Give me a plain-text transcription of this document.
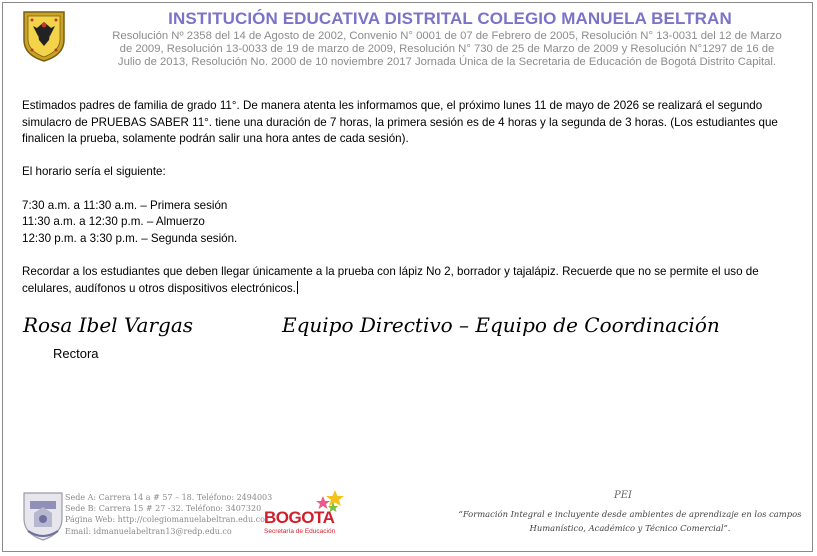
INSTITUCIÓN EDUCATIVA DISTRITAL COLEGIO MANUELA BELTRAN
Resolución Nº 2358 del 14 de Agosto de 2002, Convenio N° 0001 de 07 de Febrero de 2005, Resolución N° 13-0031 del 12 de Marzo
de 2009, Resolución 13-0033 de 19 de marzo de 2009, Resolución N° 730 de 25 de Marzo de 2009 y Resolución N°1297 de 16 de
Julio de 2013, Resolución No. 2000 de 10 noviembre 2017 Jornada Única de la Secretaria de Educación de Bogotá Distrito Capital.

Estimados padres de familia de grado 11°. De manera atenta les informamos que, el próximo lunes 11 de mayo de 2026 se realizará el segundo

simulacro de PRUEBAS SABER 11°. tiene una duración de 7 horas, la primera sesión es de 4 horas y la segunda de 3 horas. (Los estudiantes que

finalicen la prueba, solamente podrán salir una hora antes de cada sesión).

El horario sería el siguiente:

7:30 a.m. a 11:30 a.m. – Primera sesión

11:30 a.m. a 12:30 p.m. – Almuerzo

12:30 p.m. a 3:30 p.m. – Segunda sesión.

Recordar a los estudiantes que deben llegar únicamente a la prueba con lápiz No 2, borrador y tajalápiz. Recuerde que no se permite el uso de

celulares, audífonos u otros dispositivos electrónicos.

Rosa Ibel Vargas	Equipo Directivo – Equipo de Coordinación
Rectora
Sede A: Carrera 14 a # 57 – 18. Teléfono: 2494003
Sede B: Carrera 15 # 27 -32. Teléfono: 3407320
Página Web: http://colegiomanuelabeltran.edu.co
Email: idmanuelabeltran13@redp.edu.co
BOGOTA
Secretaría de Educación
PEI
“Formación Integral e incluyente desde ambientes de aprendizaje en los campos
Humanístico, Académico y Técnico Comercial”.
